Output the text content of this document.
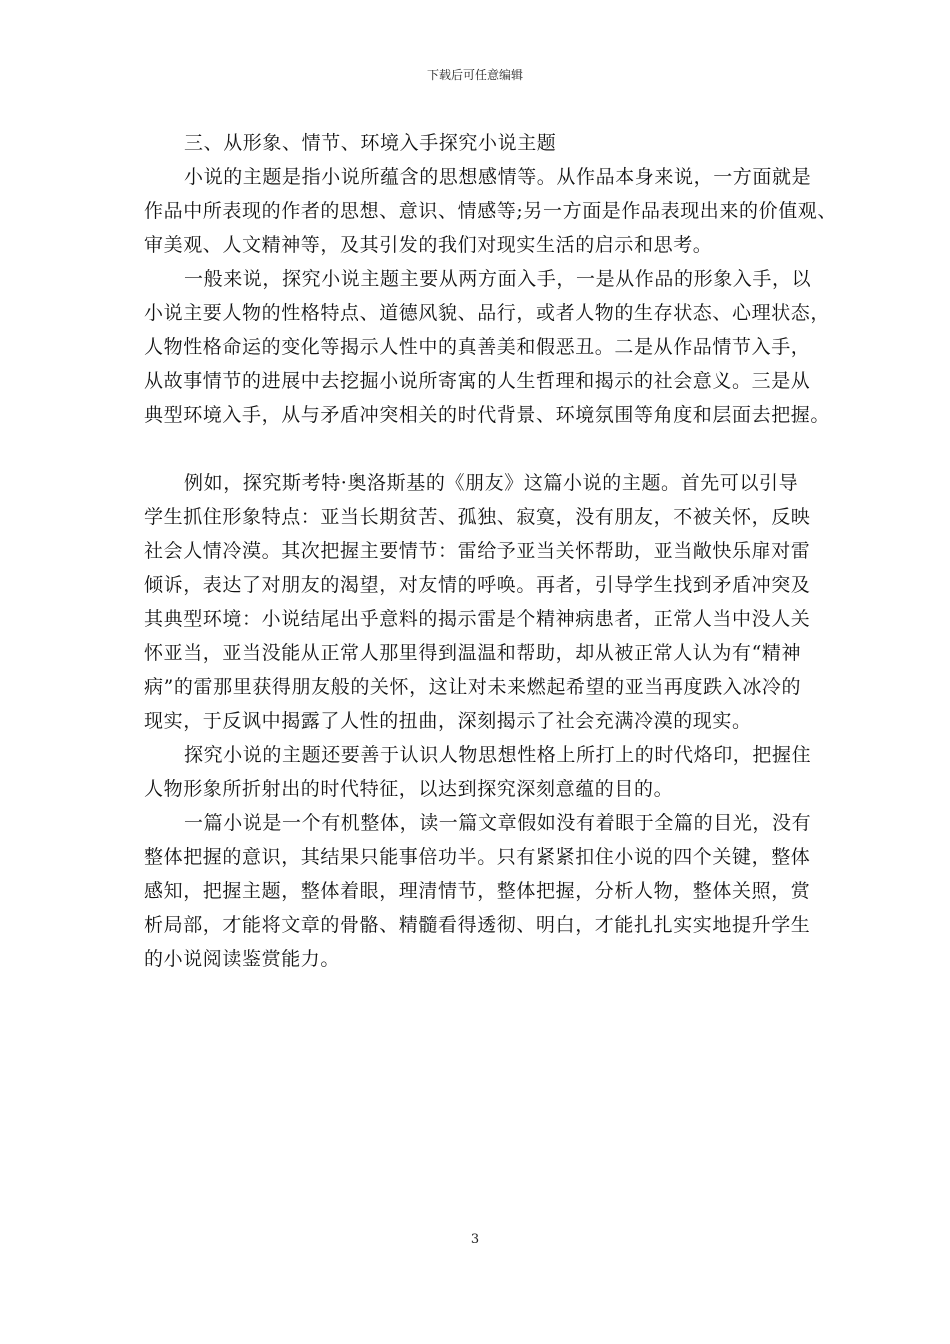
下载后可任意编辑
三、从形象、情节、环境入手探究小说主题
小说的主题是指小说所蕴含的思想感情等。从作品本身来说，一方面就是
作品中所表现的作者的思想、意识、情感等;另一方面是作品表现出来的价值观、
审美观、人文精神等，及其引发的我们对现实生活的启示和思考。
一般来说，探究小说主题主要从两方面入手，一是从作品的形象入手，以
小说主要人物的性格特点、道德风貌、品行，或者人物的生存状态、心理状态，
人物性格命运的变化等揭示人性中的真善美和假恶丑。二是从作品情节入手，
从故事情节的进展中去挖掘小说所寄寓的人生哲理和揭示的社会意义。三是从
典型环境入手，从与矛盾冲突相关的时代背景、环境氛围等角度和层面去把握。
例如，探究斯考特·奥洛斯基的《朋友》这篇小说的主题。首先可以引导
学生抓住形象特点：亚当长期贫苦、孤独、寂寞，没有朋友，不被关怀，反映
社会人情冷漠。其次把握主要情节：雷给予亚当关怀帮助，亚当敞快乐扉对雷
倾诉，表达了对朋友的渴望，对友情的呼唤。再者，引导学生找到矛盾冲突及
其典型环境：小说结尾出乎意料的揭示雷是个精神病患者，正常人当中没人关
怀亚当，亚当没能从正常人那里得到温温和帮助，却从被正常人认为有“精神
病”的雷那里获得朋友般的关怀，这让对未来燃起希望的亚当再度跌入冰冷的
现实，于反讽中揭露了人性的扭曲，深刻揭示了社会充满冷漠的现实。
探究小说的主题还要善于认识人物思想性格上所打上的时代烙印，把握住
人物形象所折射出的时代特征，以达到探究深刻意蕴的目的。
一篇小说是一个有机整体，读一篇文章假如没有着眼于全篇的目光，没有
整体把握的意识，其结果只能事倍功半。只有紧紧扣住小说的四个关键，整体
感知，把握主题，整体着眼，理清情节，整体把握，分析人物，整体关照，赏
析局部，才能将文章的骨骼、精髓看得透彻、明白，才能扎扎实实地提升学生
的小说阅读鉴赏能力。
3
